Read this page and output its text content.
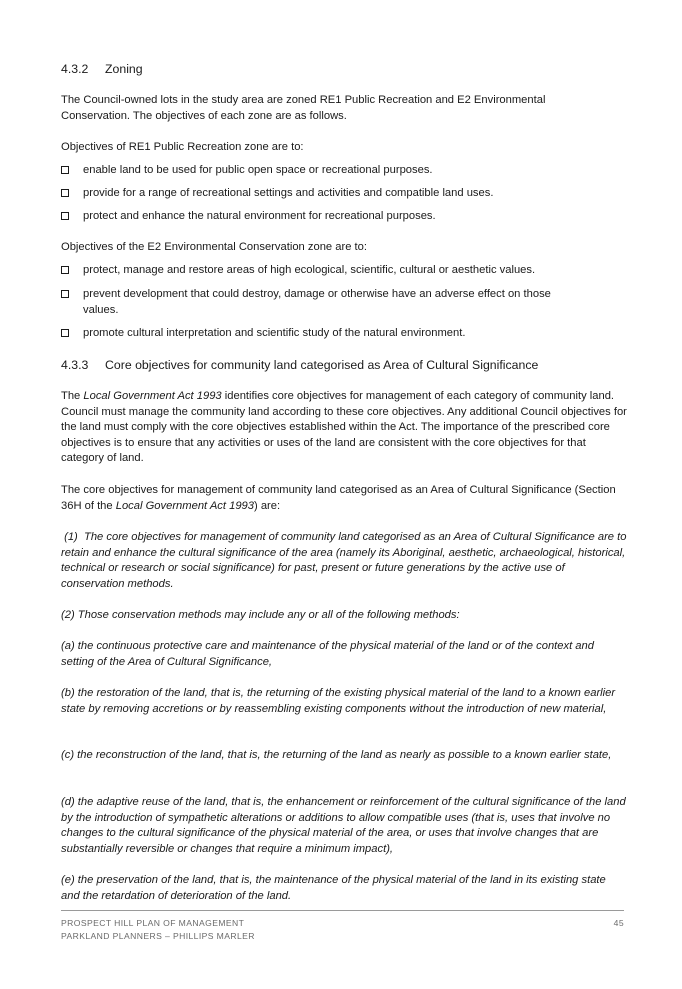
4.3.2 Zoning
The Council-owned lots in the study area are zoned RE1 Public Recreation and E2 Environmental Conservation. The objectives of each zone are as follows.
Objectives of RE1 Public Recreation zone are to:
enable land to be used for public open space or recreational purposes.
provide for a range of recreational settings and activities and compatible land uses.
protect and enhance the natural environment for recreational purposes.
Objectives of the E2 Environmental Conservation zone are to:
protect, manage and restore areas of high ecological, scientific, cultural or aesthetic values.
prevent development that could destroy, damage or otherwise have an adverse effect on those values.
promote cultural interpretation and scientific study of the natural environment.
4.3.3 Core objectives for community land categorised as Area of Cultural Significance
The Local Government Act 1993 identifies core objectives for management of each category of community land. Council must manage the community land according to these core objectives. Any additional Council objectives for the land must comply with the core objectives established within the Act. The importance of the prescribed core objectives is to ensure that any activities or uses of the land are consistent with the core objectives for that category of land.
The core objectives for management of community land categorised as an Area of Cultural Significance (Section 36H of the Local Government Act 1993) are:
(1)  The core objectives for management of community land categorised as an Area of Cultural Significance are to retain and enhance the cultural significance of the area (namely its Aboriginal, aesthetic, archaeological, historical, technical or research or social significance) for past, present or future generations by the active use of conservation methods.
(2) Those conservation methods may include any or all of the following methods:
(a) the continuous protective care and maintenance of the physical material of the land or of the context and setting of the Area of Cultural Significance,
(b) the restoration of the land, that is, the returning of the existing physical material of the land to a known earlier state by removing accretions or by reassembling existing components without the introduction of new material,
(c) the reconstruction of the land, that is, the returning of the land as nearly as possible to a known earlier state,
(d) the adaptive reuse of the land, that is, the enhancement or reinforcement of the cultural significance of the land by the introduction of sympathetic alterations or additions to allow compatible uses (that is, uses that involve no changes to the cultural significance of the physical material of the area, or uses that involve changes that are substantially reversible or changes that require a minimum impact),
(e) the preservation of the land, that is, the maintenance of the physical material of the land in its existing state and the retardation of deterioration of the land.
PROSPECT HILL PLAN OF MANAGEMENT
PARKLAND PLANNERS – PHILLIPS MARLER
45
